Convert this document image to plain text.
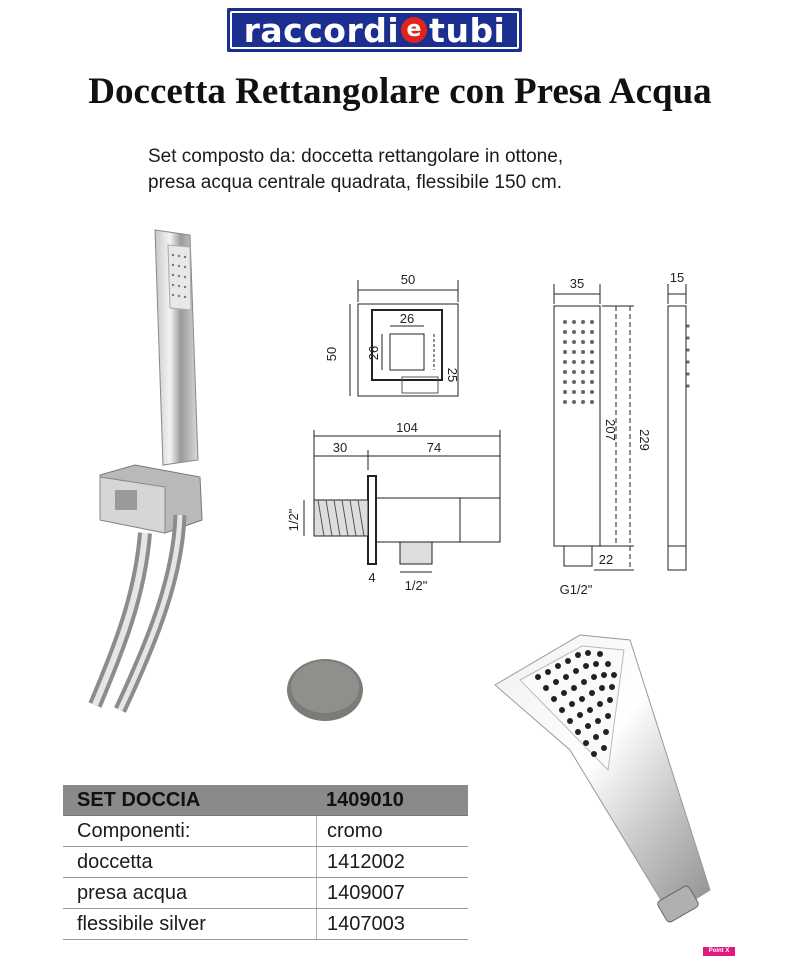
raccordi e tubi
Doccetta Rettangolare con Presa Acqua
Set composto da: doccetta rettangolare in ottone,
presa acqua centrale quadrata, flessibile 150 cm.
50
50
26
26
25
104
30	74
1/2"
4
1/2"
35
207 229
22
G1/2"
15
SET DOCCIA	1409010
Componenti:	cromo
doccetta	1412002
presa acqua	1409007
flessibile silver	1407003
Point X Uto
